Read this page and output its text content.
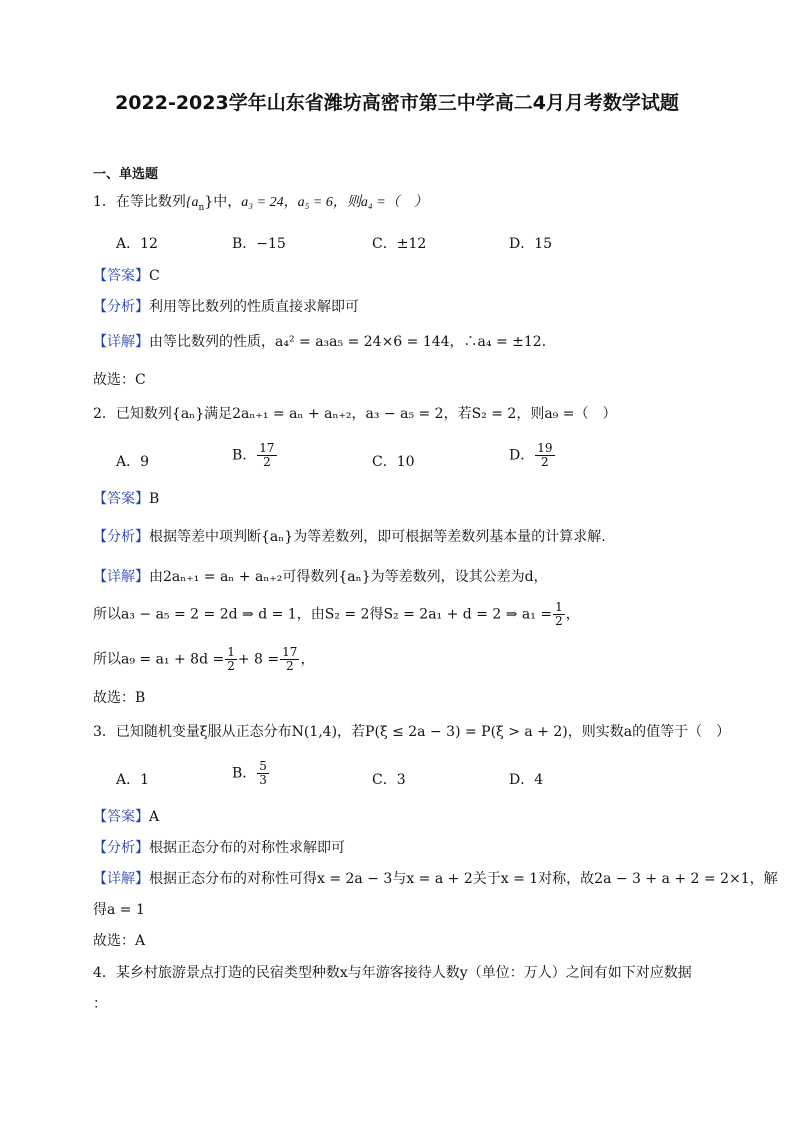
2022-2023学年山东省潍坊高密市第三中学高二4月月考数学试题
一、单选题
1．在等比数列$\{a_n\}$中，a₃ = 24，a₅ = 6，则a₄ =（　）
A．12	B．−15	C．±12	D．15
【答案】C
【分析】利用等比数列的性质直接求解即可
【详解】由等比数列的性质，a₄² = a₃a₅ = 24×6 = 144，∴a₄ = ±12．
故选：C
2．已知数列{aₙ}满足2aₙ₊₁ = aₙ + aₙ₊₂，a₃ − a₅ = 2，若S₂ = 2，则a₉ =（　）
A．9	B． $\frac{17}{2}$	C．10	D． $\frac{19}{2}$
【答案】B
【分析】根据等差中项判断{aₙ}为等差数列，即可根据等差数列基本量的计算求解.
【详解】由2aₙ₊₁ = aₙ + aₙ₊₂可得数列{aₙ}为等差数列，设其公差为d，
所以a₃ − a₅ = 2 = 2d ⇒ d = 1，由S₂ = 2得S₂ = 2a₁ + d = 2 ⇒ $a_1 = \frac{1}{2}$ ，
所以$a_9 = a_1 + 8d = \frac{1}{2} + 8 = \frac{17}{2}$ ，
故选：B
3．已知随机变量ξ服从正态分布N(1,4)，若P(ξ ≤ 2a − 3) = P(ξ > a + 2)，则实数a的值等于（　）
A．1	B． $\frac{5}{3}$	C．3	D．4
【答案】A
【分析】根据正态分布的对称性求解即可
【详解】根据正态分布的对称性可得x = 2a − 3与x = a + 2关于x = 1对称，故2a − 3 + a + 2 = 2×1，解
得a = 1
故选：A
4．某乡村旅游景点打造的民宿类型种数x与年游客接待人数y（单位：万人）之间有如下对应数据
：
